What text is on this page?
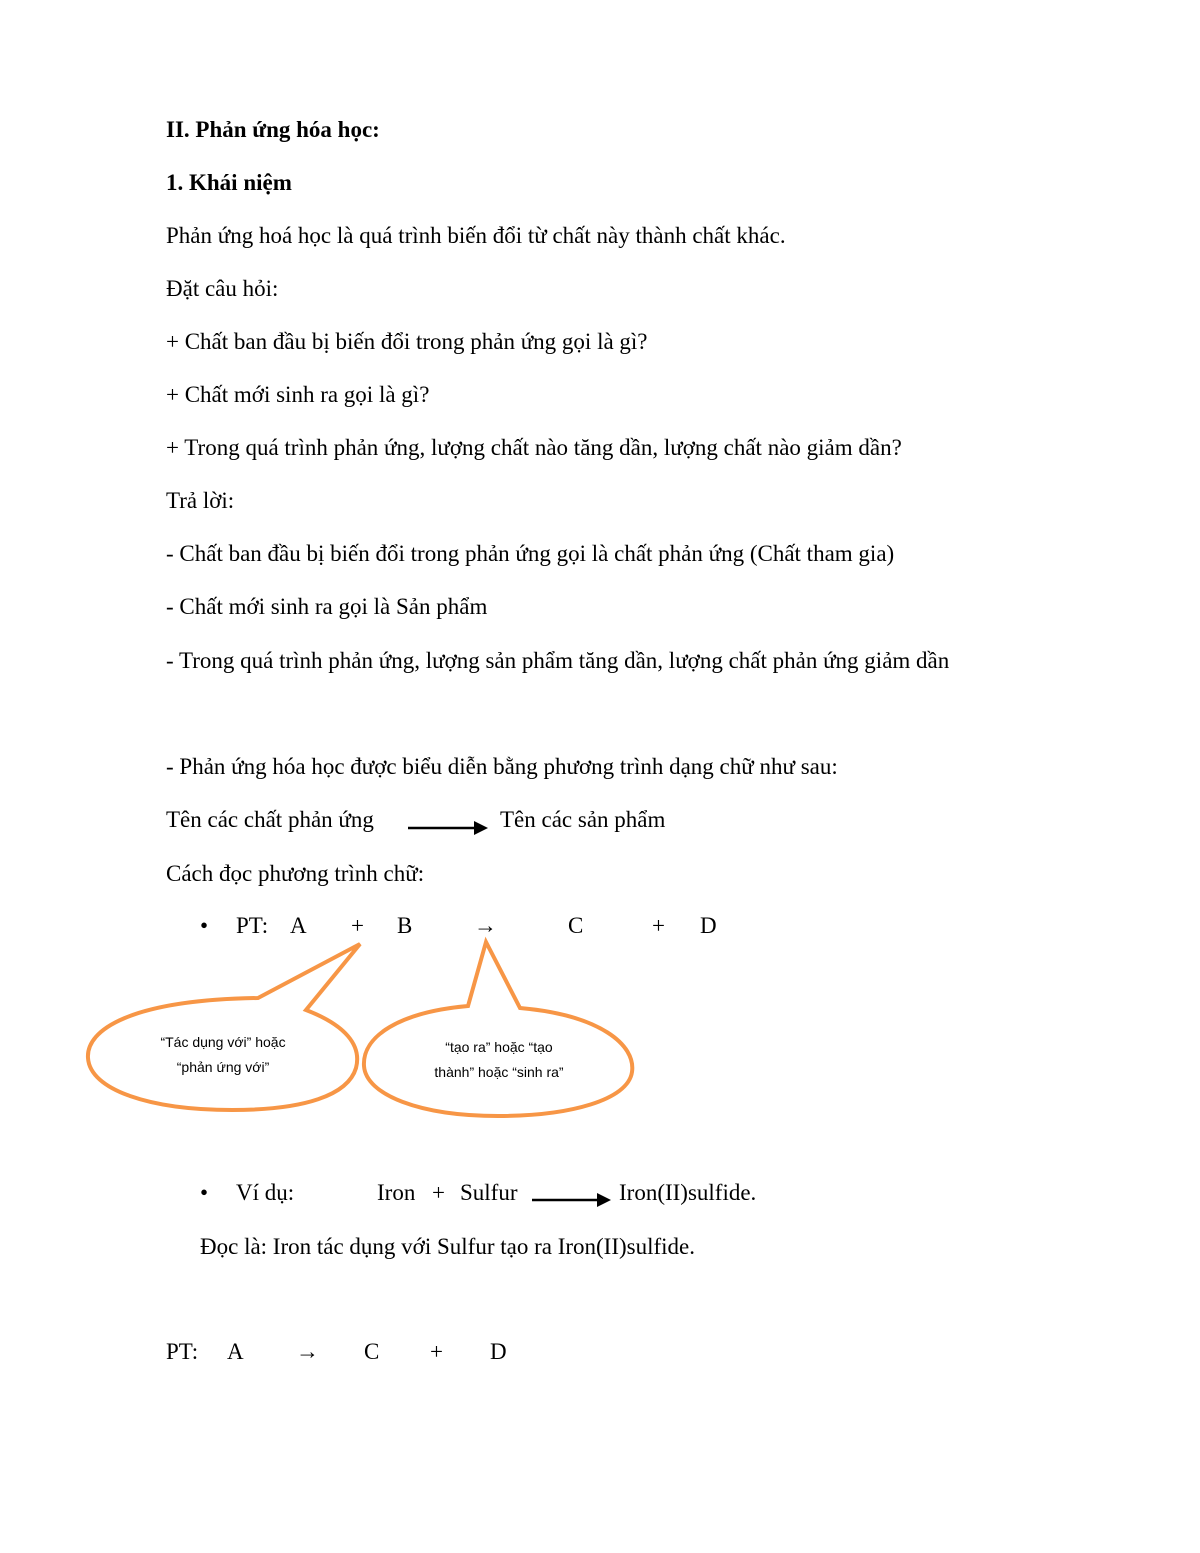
II. Phản ứng hóa học:
1. Khái niệm
Phản ứng hoá học là quá trình biến đổi từ chất này thành chất khác.
Đặt câu hỏi:
+ Chất ban đầu bị biến đổi trong phản ứng gọi là gì?
+ Chất mới sinh ra gọi là gì?
+ Trong quá trình phản ứng, lượng chất nào tăng dần, lượng chất nào giảm dần?
Trả lời:
- Chất ban đầu bị biến đổi trong phản ứng gọi là chất phản ứng (Chất tham gia)
- Chất mới sinh ra gọi là Sản phẩm
- Trong quá trình phản ứng, lượng sản phẩm tăng dần, lượng chất phản ứng giảm dần
- Phản ứng hóa học được biểu diễn bằng phương trình dạng chữ như sau:
Tên các chất phản ứng	Tên các sản phẩm
Cách đọc phương trình chữ:
• PT: A + B	→	C	+ D
“Tác dụng với” hoặc
“phản ứng với”
“tạo ra” hoặc “tạo
thành” hoặc “sinh ra”
• Ví dụ:	Iron + Sulfur	Iron(II)sulfide.
Đọc là: Iron tác dụng với Sulfur tạo ra Iron(II)sulfide.
PT: A → C + D
